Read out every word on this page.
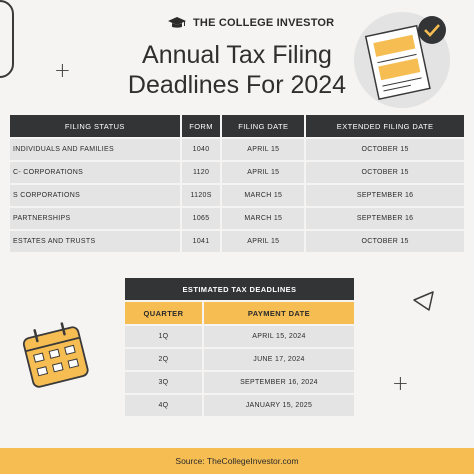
+
+
THE COLLEGE INVESTOR
Annual Tax Filing
Deadlines For 2024
FILING STATUS	FORM	FILING DATE	EXTENDED FILING DATE
INDIVIDUALS AND FAMILIES	1040	APRIL 15	OCTOBER 15
C- CORPORATIONS	1120	APRIL 15	OCTOBER 15
S CORPORATIONS	1120S	MARCH 15	SEPTEMBER 16
PARTNERSHIPS	1065	MARCH 15	SEPTEMBER 16
ESTATES AND TRUSTS	1041	APRIL 15	OCTOBER 15
ESTIMATED TAX DEADLINES	
QUARTER	PAYMENT DATE
1Q	APRIL 15, 2024
2Q	JUNE 17, 2024
3Q	SEPTEMBER 16, 2024
4Q	JANUARY 15, 2025
Source: TheCollegeInvestor.com
